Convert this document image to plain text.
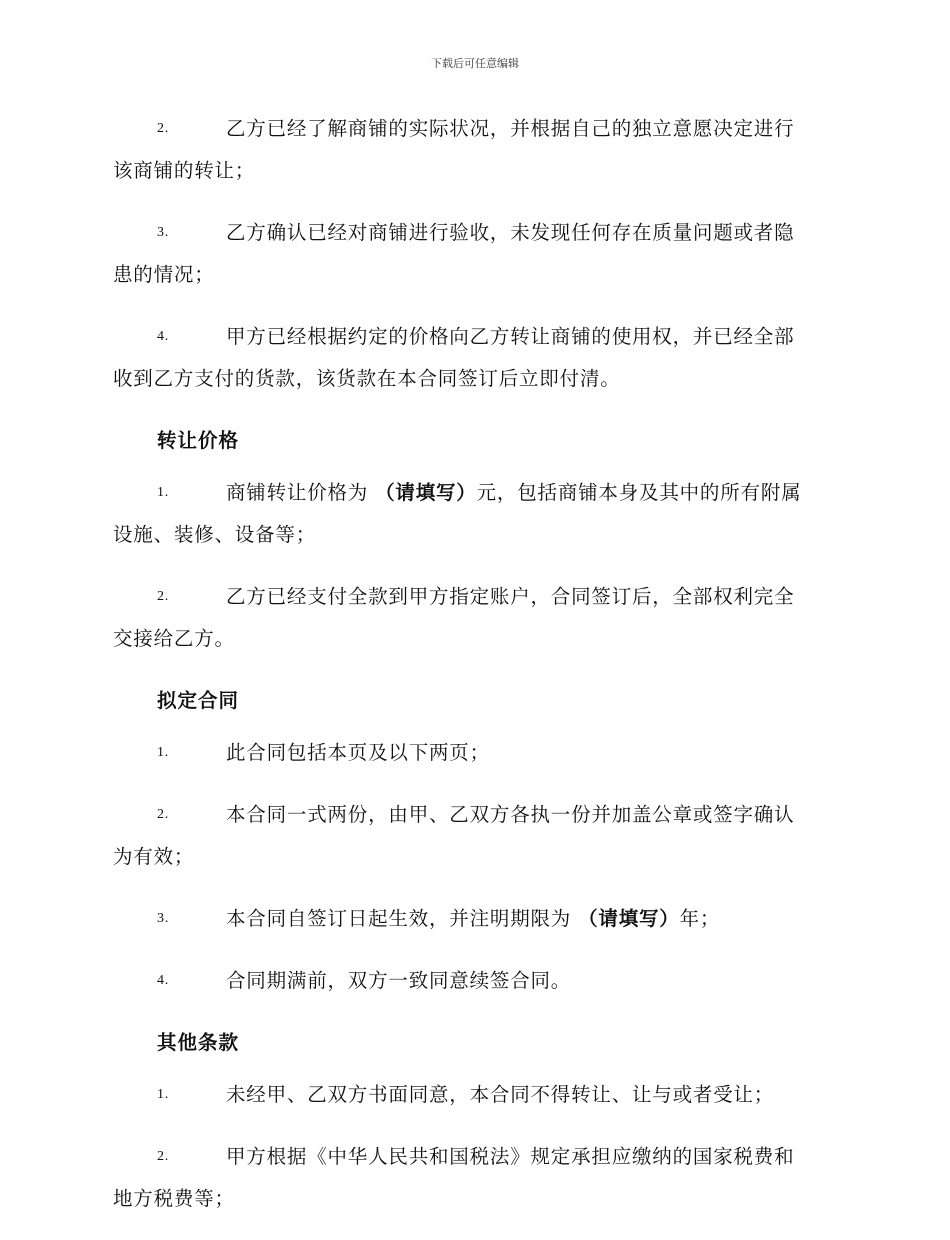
下载后可任意编辑
2.	乙方已经了解商铺的实际状况，并根据自己的独立意愿决定进行
该商铺的转让；
3.	乙方确认已经对商铺进行验收，未发现任何存在质量问题或者隐
患的情况；
4.	甲方已经根据约定的价格向乙方转让商铺的使用权，并已经全部
收到乙方支付的货款，该货款在本合同签订后立即付清。
转让价格
1.	商铺转让价格为 （请填写）元，包括商铺本身及其中的所有附属
设施、装修、设备等；
2.	乙方已经支付全款到甲方指定账户，合同签订后，全部权利完全
交接给乙方。
拟定合同
1.	此合同包括本页及以下两页；
2.	本合同一式两份，由甲、乙双方各执一份并加盖公章或签字确认
为有效；
3.	本合同自签订日起生效，并注明期限为 （请填写）年；
4.	合同期满前，双方一致同意续签合同。
其他条款
1.	未经甲、乙双方书面同意，本合同不得转让、让与或者受让；
2.	甲方根据《中华人民共和国税法》规定承担应缴纳的国家税费和
地方税费等；
